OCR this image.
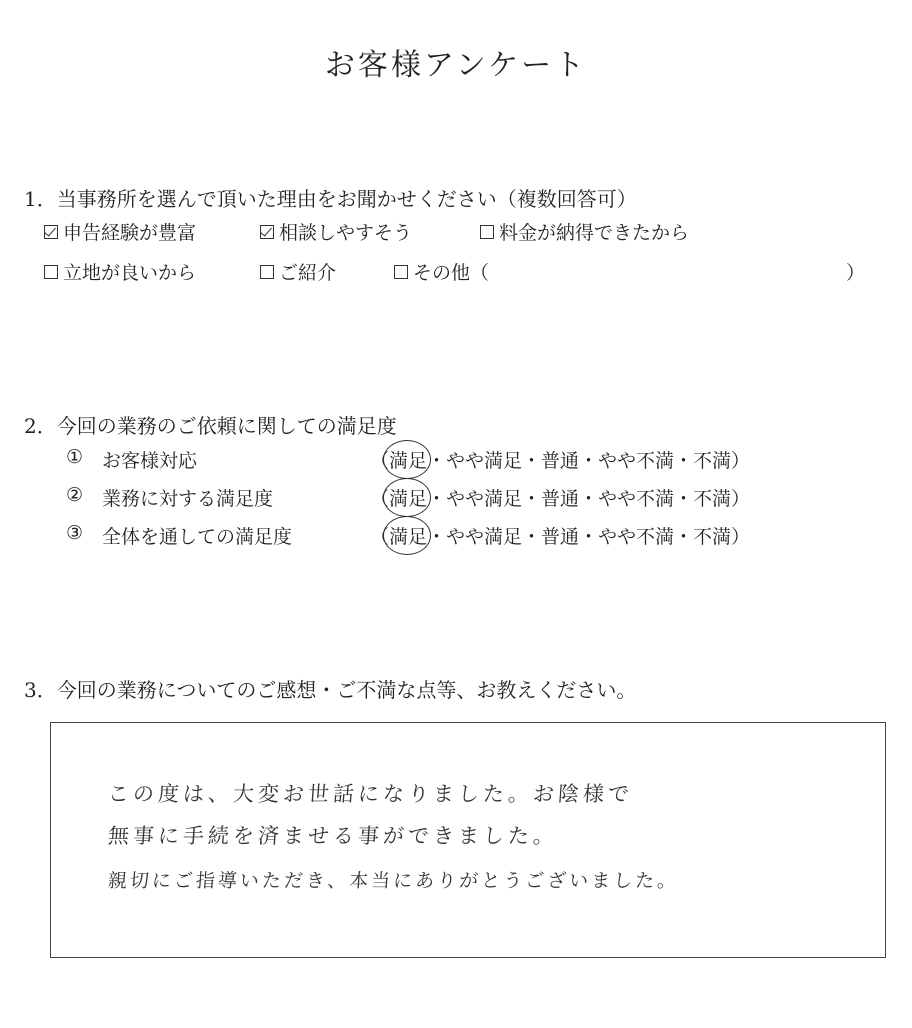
お客様アンケート
1．当事務所を選んで頂いた理由をお聞かせください（複数回答可）
申告経験が豊富	相談しやすそう	料金が納得できたから
立地が良いから	ご紹介	その他（	）
2．今回の業務のご依頼に関しての満足度
① お客様対応	（満足・やや満足・普通・やや不満・不満）
② 業務に対する満足度	（満足・やや満足・普通・やや不満・不満）
③ 全体を通しての満足度	（満足・やや満足・普通・やや不満・不満）
3．今回の業務についてのご感想・ご不満な点等、お教えください。
この度は、大変お世話になりました。お陰様で
無事に手続を済ませる事ができました。
親切にご指導いただき、本当にありがとうございました。
